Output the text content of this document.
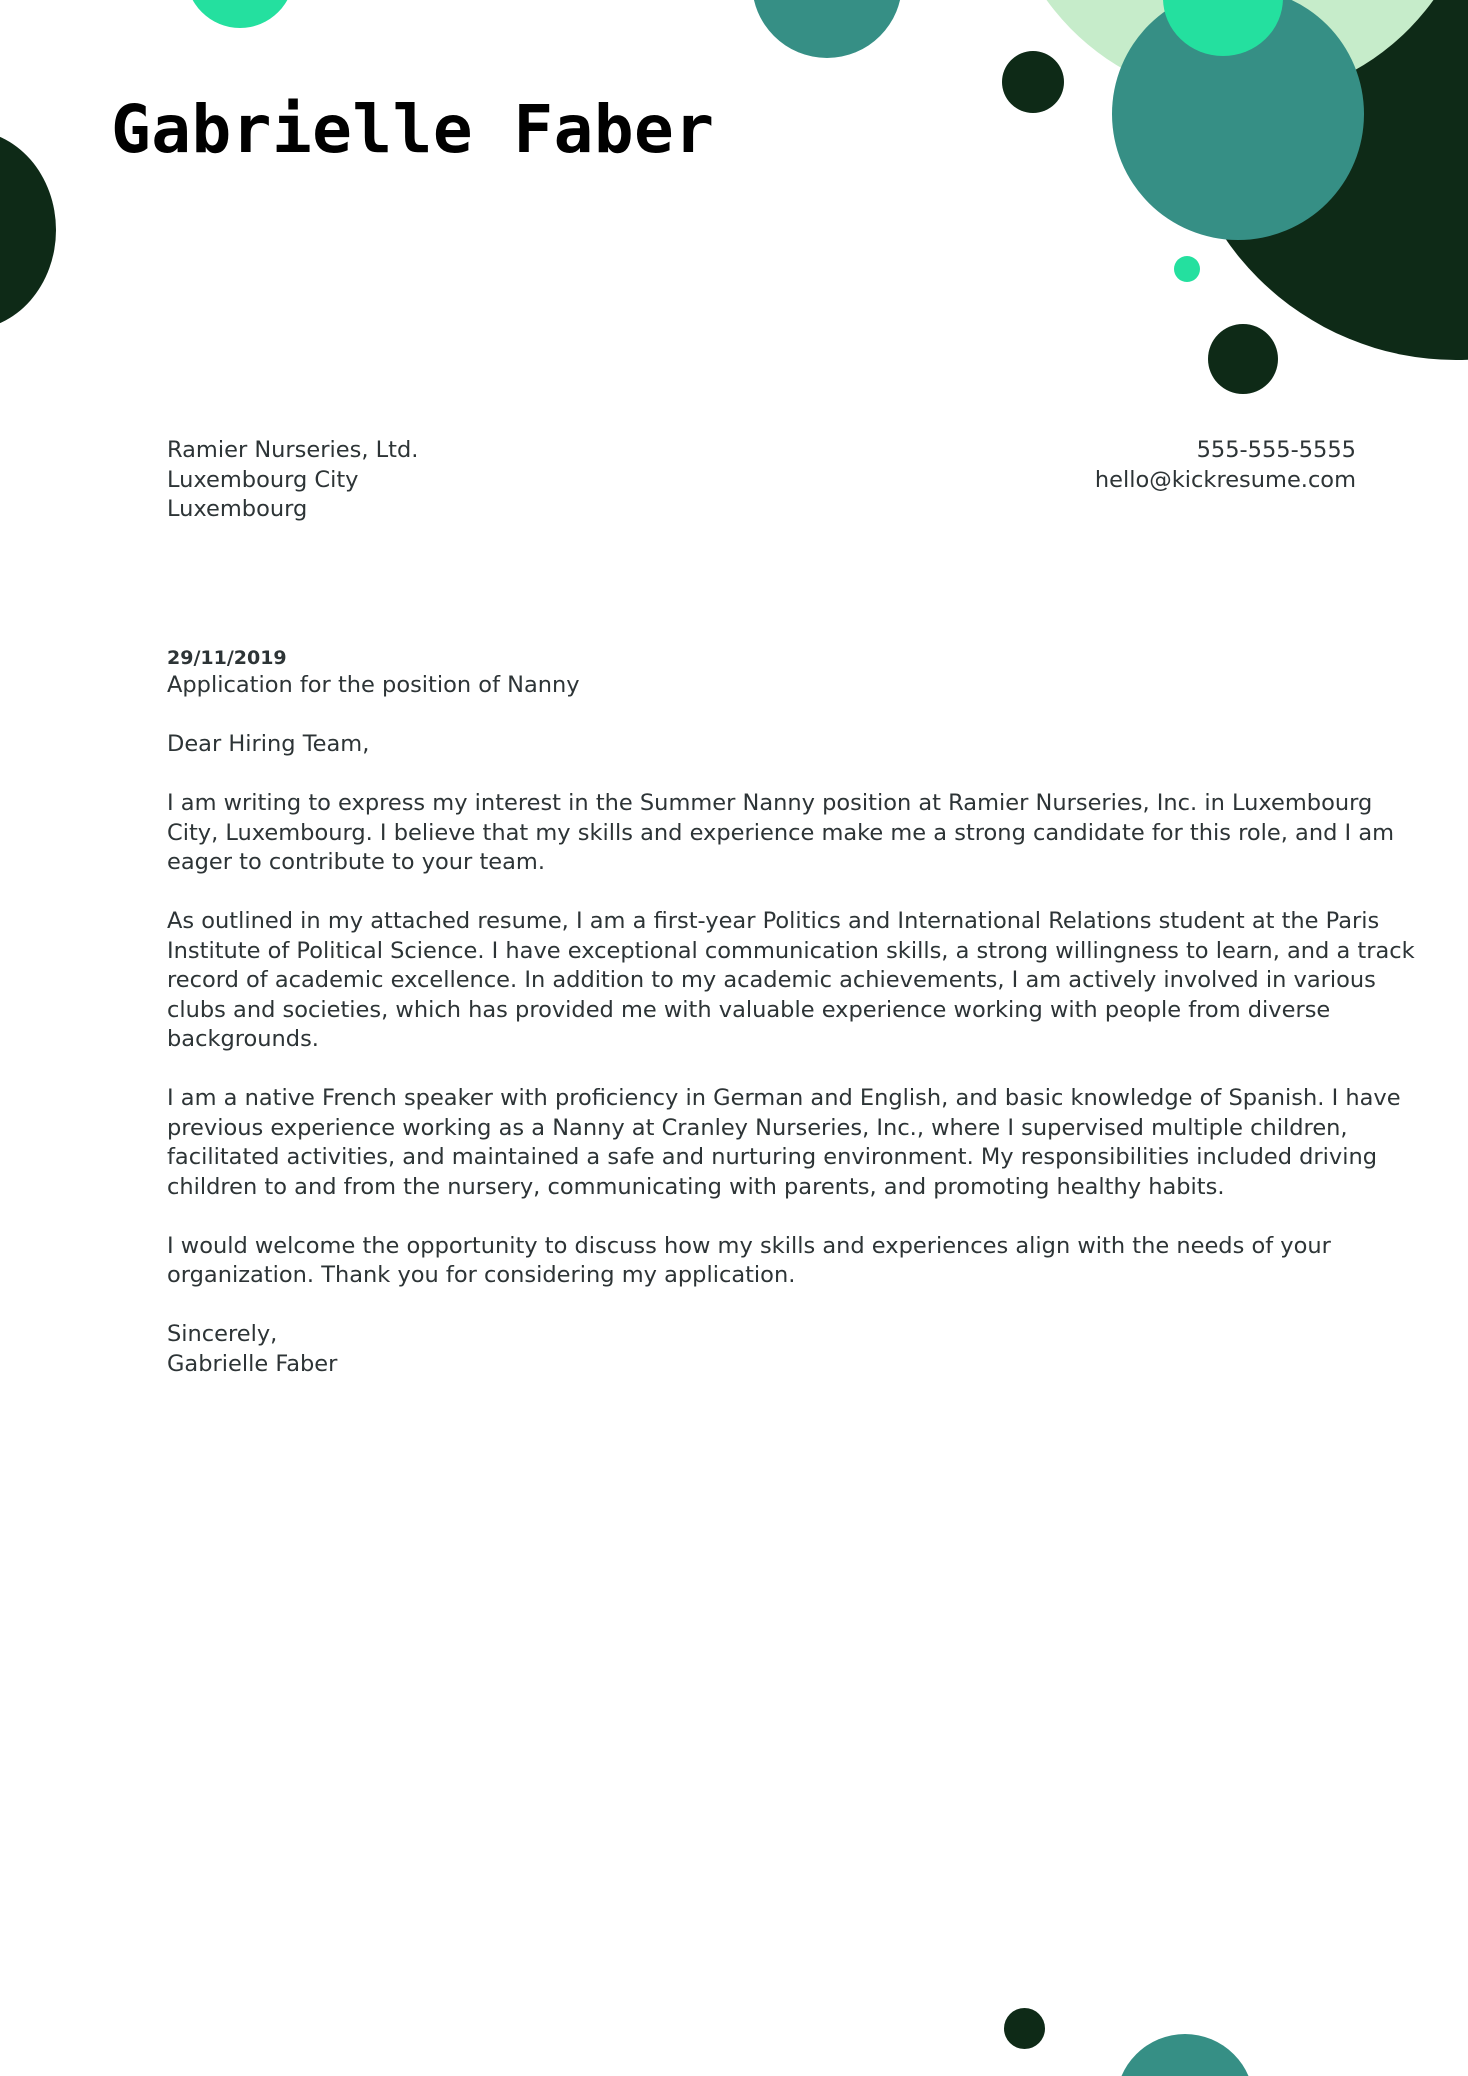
Gabrielle Faber
Ramier Nurseries, Ltd.
Luxembourg City
Luxembourg
555-555-5555
hello@kickresume.com
29/11/2019

Application for the position of Nanny

Dear Hiring Team,

I am writing to express my interest in the Summer Nanny position at Ramier Nurseries, Inc. in Luxembourg
City, Luxembourg. I believe that my skills and experience make me a strong candidate for this role, and I am
eager to contribute to your team.

As outlined in my attached resume, I am a first-year Politics and International Relations student at the Paris
Institute of Political Science. I have exceptional communication skills, a strong willingness to learn, and a track
record of academic excellence. In addition to my academic achievements, I am actively involved in various
clubs and societies, which has provided me with valuable experience working with people from diverse
backgrounds.

I am a native French speaker with proficiency in German and English, and basic knowledge of Spanish. I have
previous experience working as a Nanny at Cranley Nurseries, Inc., where I supervised multiple children,
facilitated activities, and maintained a safe and nurturing environment. My responsibilities included driving
children to and from the nursery, communicating with parents, and promoting healthy habits.

I would welcome the opportunity to discuss how my skills and experiences align with the needs of your
organization. Thank you for considering my application.

Sincerely,
Gabrielle Faber
